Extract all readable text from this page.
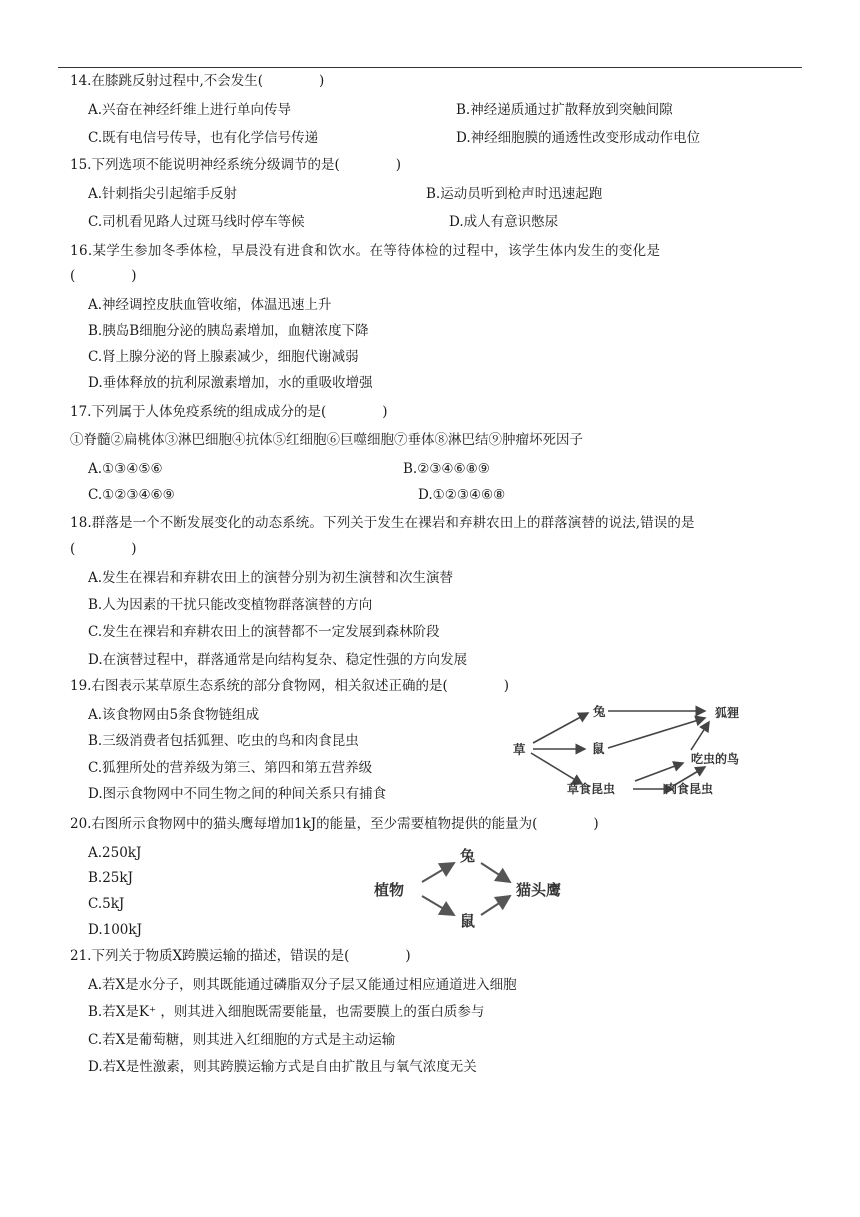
14.在膝跳反射过程中,不会发生(	)
A.兴奋在神经纤维上进行单向传导	B.神经递质通过扩散释放到突触间隙
C.既有电信号传导，也有化学信号传递	D.神经细胞膜的通透性改变形成动作电位
15.下列选项不能说明神经系统分级调节的是(	)
A.针刺指尖引起缩手反射	B.运动员听到枪声时迅速起跑
C.司机看见路人过斑马线时停车等候	D.成人有意识憋尿
16.某学生参加冬季体检，早晨没有进食和饮水。在等待体检的过程中，该学生体内发生的变化是
(	)
A.神经调控皮肤血管收缩，体温迅速上升
B.胰岛B细胞分泌的胰岛素增加，血糖浓度下降
C.肾上腺分泌的肾上腺素减少，细胞代谢减弱
D.垂体释放的抗利尿激素增加，水的重吸收增强
17.下列属于人体免疫系统的组成成分的是(	)
①脊髓②扁桃体③淋巴细胞④抗体⑤红细胞⑥巨噬细胞⑦垂体⑧淋巴结⑨肿瘤坏死因子
A.①③④⑤⑥	B.②③④⑥⑧⑨
C.①②③④⑥⑨	D.①②③④⑥⑧
18.群落是一个不断发展变化的动态系统。下列关于发生在裸岩和弃耕农田上的群落演替的说法,错误的是
(	)
A.发生在裸岩和弃耕农田上的演替分别为初生演替和次生演替
B.人为因素的干扰只能改变植物群落演替的方向
C.发生在裸岩和弃耕农田上的演替都不一定发展到森林阶段
D.在演替过程中，群落通常是向结构复杂、稳定性强的方向发展
19.右图表示某草原生态系统的部分食物网，相关叙述正确的是(	)
A.该食物网由5条食物链组成
B.三级消费者包括狐狸、吃虫的鸟和肉食昆虫
C.狐狸所处的营养级为第三、第四和第五营养级
D.图示食物网中不同生物之间的种间关系只有捕食
草
兔
鼠
狐狸
吃虫的鸟
草食昆虫	肉食昆虫
20.右图所示食物网中的猫头鹰每增加1kJ的能量，至少需要植物提供的能量为(	)
A.250kJ
B.25kJ
C.5kJ
D.100kJ
植物
兔
鼠
猫头鹰
21.下列关于物质X跨膜运输的描述，错误的是(	)
A.若X是水分子，则其既能通过磷脂双分子层又能通过相应通道进入细胞
B.若X是K⁺ ，则其进入细胞既需要能量，也需要膜上的蛋白质参与
C.若X是葡萄糖，则其进入红细胞的方式是主动运输
D.若X是性激素，则其跨膜运输方式是自由扩散且与氧气浓度无关
